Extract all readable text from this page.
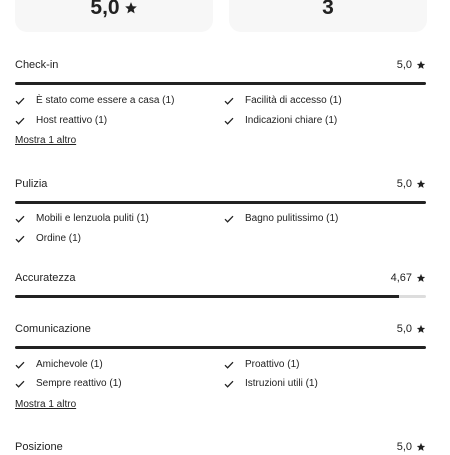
5,0	3
Check-in	5,0
È stato come essere a casa (1)	Facilità di accesso (1)
Host reattivo (1)	Indicazioni chiare (1)
Mostra 1 altro
Pulizia	5,0
Mobili e lenzuola puliti (1)	Bagno pulitissimo (1)
Ordine (1)
Accuratezza	4,67
Comunicazione	5,0
Amichevole (1)	Proattivo (1)
Sempre reattivo (1)	Istruzioni utili (1)
Mostra 1 altro
Posizione	5,0
